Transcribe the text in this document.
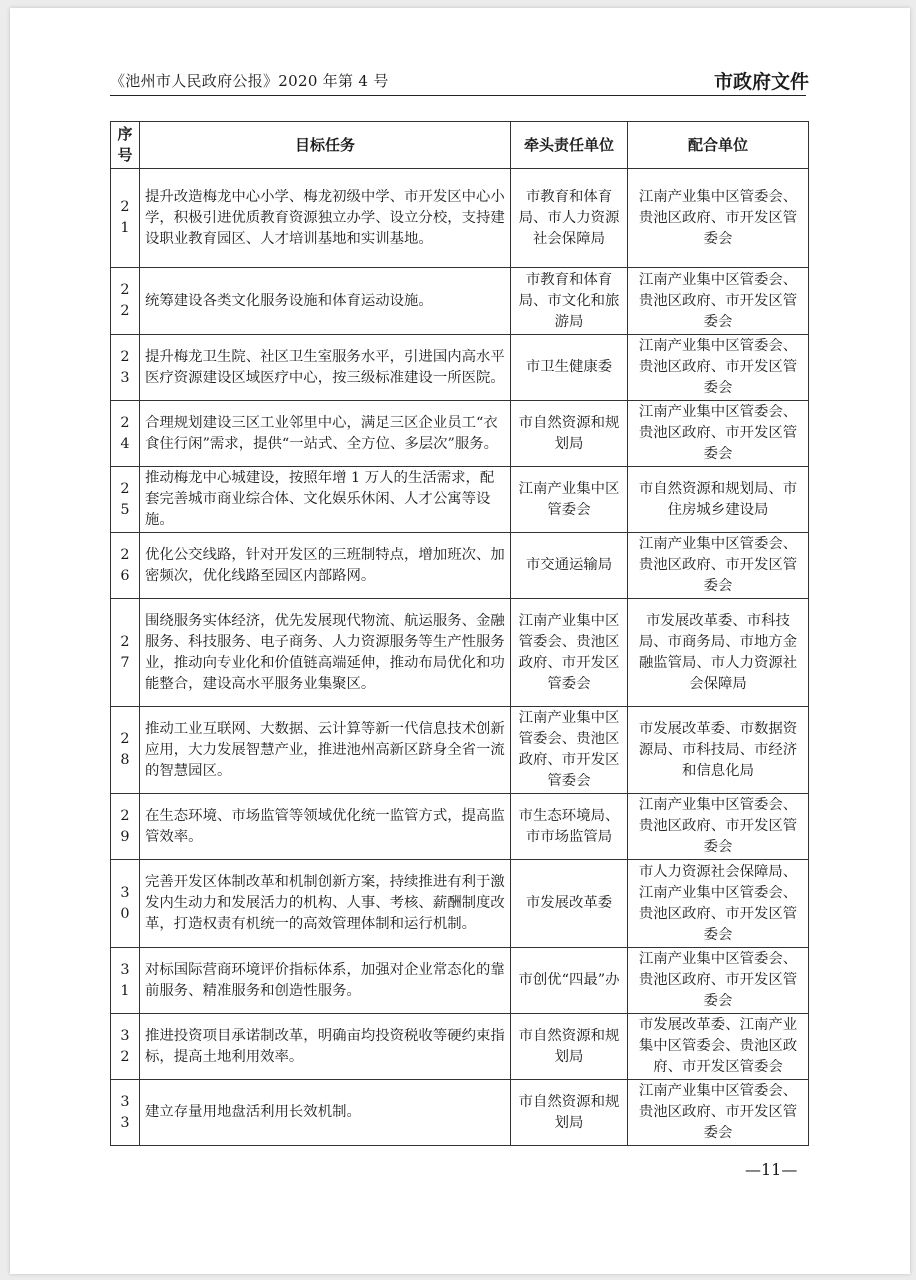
《池州市人民政府公报》2020 年第 4 号	市政府文件
序号	目标任务	牵头责任单位	配合单位
21	提升改造梅龙中心小学、梅龙初级中学、市开发区中心小学，积极引进优质教育资源独立办学、设立分校，支持建设职业教育园区、人才培训基地和实训基地。	市教育和体育局、市人力资源社会保障局	江南产业集中区管委会、贵池区政府、市开发区管委会
22	统筹建设各类文化服务设施和体育运动设施。	市教育和体育局、市文化和旅游局	江南产业集中区管委会、贵池区政府、市开发区管委会
23	提升梅龙卫生院、社区卫生室服务水平，引进国内高水平医疗资源建设区域医疗中心，按三级标准建设一所医院。	市卫生健康委	江南产业集中区管委会、贵池区政府、市开发区管委会
24	合理规划建设三区工业邻里中心，满足三区企业员工“衣食住行闲”需求，提供“一站式、全方位、多层次”服务。	市自然资源和规划局	江南产业集中区管委会、贵池区政府、市开发区管委会
25	推动梅龙中心城建设，按照年增 1 万人的生活需求，配套完善城市商业综合体、文化娱乐休闲、人才公寓等设施。	江南产业集中区管委会	市自然资源和规划局、市住房城乡建设局
26	优化公交线路，针对开发区的三班制特点，增加班次、加密频次，优化线路至园区内部路网。	市交通运输局	江南产业集中区管委会、贵池区政府、市开发区管委会
27	围绕服务实体经济，优先发展现代物流、航运服务、金融服务、科技服务、电子商务、人力资源服务等生产性服务业，推动向专业化和价值链高端延伸，推动布局优化和功能整合，建设高水平服务业集聚区。	江南产业集中区管委会、贵池区政府、市开发区管委会	市发展改革委、市科技局、市商务局、市地方金融监管局、市人力资源社会保障局
28	推动工业互联网、大数据、云计算等新一代信息技术创新应用，大力发展智慧产业，推进池州高新区跻身全省一流的智慧园区。	江南产业集中区管委会、贵池区政府、市开发区管委会	市发展改革委、市数据资源局、市科技局、市经济和信息化局
29	在生态环境、市场监管等领域优化统一监管方式，提高监管效率。	市生态环境局、市市场监管局	江南产业集中区管委会、贵池区政府、市开发区管委会
30	完善开发区体制改革和机制创新方案，持续推进有利于激发内生动力和发展活力的机构、人事、考核、薪酬制度改革，打造权责有机统一的高效管理体制和运行机制。	市发展改革委	市人力资源社会保障局、江南产业集中区管委会、贵池区政府、市开发区管委会
31	对标国际营商环境评价指标体系，加强对企业常态化的靠前服务、精准服务和创造性服务。	市创优“四最”办	江南产业集中区管委会、贵池区政府、市开发区管委会
32	推进投资项目承诺制改革，明确亩均投资税收等硬约束指标，提高土地利用效率。	市自然资源和规划局	市发展改革委、江南产业集中区管委会、贵池区政府、市开发区管委会
33	建立存量用地盘活利用长效机制。	市自然资源和规划局	江南产业集中区管委会、贵池区政府、市开发区管委会
—11—
